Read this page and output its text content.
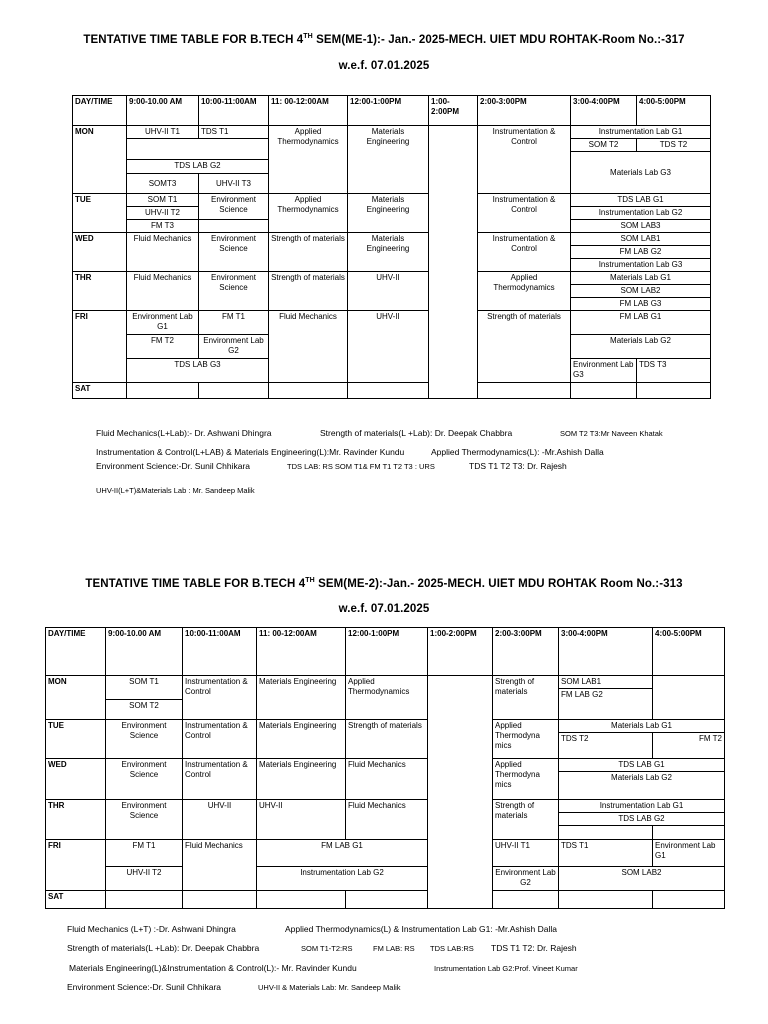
TENTATIVE TIME TABLE FOR B.TECH 4TH SEM(ME-1):- Jan.- 2025-MECH. UIET MDU ROHTAK-Room No.:-317
w.e.f. 07.01.2025
DAY/TIME	9:00-10.00 AM	10:00-11:00AM	11: 00-12:00AM	12:00-1:00PM	1:00-2:00PM	2:00-3:00PM	3:00-4:00PM	4:00-5:00PM
MON	UHV-II T1	TDS T1	Applied Thermodynamics	Materials Engineering		Instrumentation & Control	Instrumentation Lab G1	
							SOM T2	TDS T2
							Materials Lab G3	
	TDS LAB G2							
	SOMT3	UHV-II T3						
TUE	SOM T1	Environment Science	Applied Thermodynamics	Materials Engineering		Instrumentation & Control	TDS LAB G1	
	UHV-II T2						Instrumentation Lab G2	
	FM T3						SOM LAB3	
WED	Fluid Mechanics	Environment Science	Strength of materials	Materials Engineering		Instrumentation & Control	SOM LAB1	
							FM LAB G2	
							Instrumentation Lab G3	
THR	Fluid Mechanics	Environment Science	Strength of materials	UHV-II		Applied Thermodynamics	Materials Lab G1	
							SOM LAB2	
							FM LAB G3	
FRI	Environment Lab G1	FM T1	Fluid Mechanics	UHV-II		Strength of materials	FM LAB G1	
	FM T2	Environment Lab G2					Materials Lab G2	
	TDS LAB G3						Environment Lab G3	TDS T3
SAT								
Fluid Mechanics(L+Lab):- Dr. Ashwani Dhingra	Strength of materials(L +Lab): Dr. Deepak Chabbra	SOM T2 T3:Mr Naveen Khatak
Instrumentation & Control(L+LAB) & Materials Engineering(L):Mr. Ravinder Kundu	Applied Thermodynamics(L): -Mr.Ashish Dalla
Environment Science:-Dr. Sunil Chhikara	TDS LAB: RS SOM T1& FM T1 T2 T3 : URS	TDS T1 T2 T3: Dr. Rajesh
UHV-II(L+T)&Materials Lab : Mr. Sandeep Malik
TENTATIVE TIME TABLE FOR B.TECH 4TH SEM(ME-2):-Jan.- 2025-MECH. UIET MDU ROHTAK Room No.:-313
w.e.f. 07.01.2025
DAY/TIME	9:00-10.00 AM	10:00-11:00AM	11: 00-12:00AM	12:00-1:00PM	1:00-2:00PM	2:00-3:00PM	3:00-4:00PM	4:00-5:00PM	
MON	SOM T1	Instrumentation & Control	Materials Engineering	Applied Thermodynamics		Strength of materials	SOM LAB1		
							FM LAB G2		
	SOM T2								
TUE	Environment Science	Instrumentation & Control	Materials Engineering	Strength of materials		Applied Thermodyna mics	Materials Lab G1		
							TDS T2	FM T2	
WED	Environment Science	Instrumentation & Control	Materials Engineering	Fluid Mechanics		Applied Thermodyna mics	TDS LAB G1		
							Materials Lab G2		
THR	Environment Science	UHV-II	UHV-II	Fluid Mechanics		Strength of materials	Instrumentation Lab G1		
							TDS LAB G2		

FRI	FM T1	Fluid Mechanics	FM LAB G1			UHV-II T1	TDS T1	Environment Lab G1	
	UHV-II T2		Instrumentation Lab G2			Environment Lab G2	SOM LAB2		
SAT									
Fluid Mechanics (L+T) :-Dr. Ashwani Dhingra	Applied Thermodynamics(L) & Instrumentation Lab G1: -Mr.Ashish Dalla
Strength of materials(L +Lab): Dr. Deepak Chabbra	SOM T1-T2:RS	FM LAB: RS TDS LAB:RS TDS T1 T2: Dr. Rajesh
Materials Engineering(L)&Instrumentation & Control(L):- Mr. Ravinder Kundu	Instrumentation Lab G2:Prof. Vineet Kumar
Environment Science:-Dr. Sunil Chhikara	UHV-II & Materials Lab: Mr. Sandeep Malik
